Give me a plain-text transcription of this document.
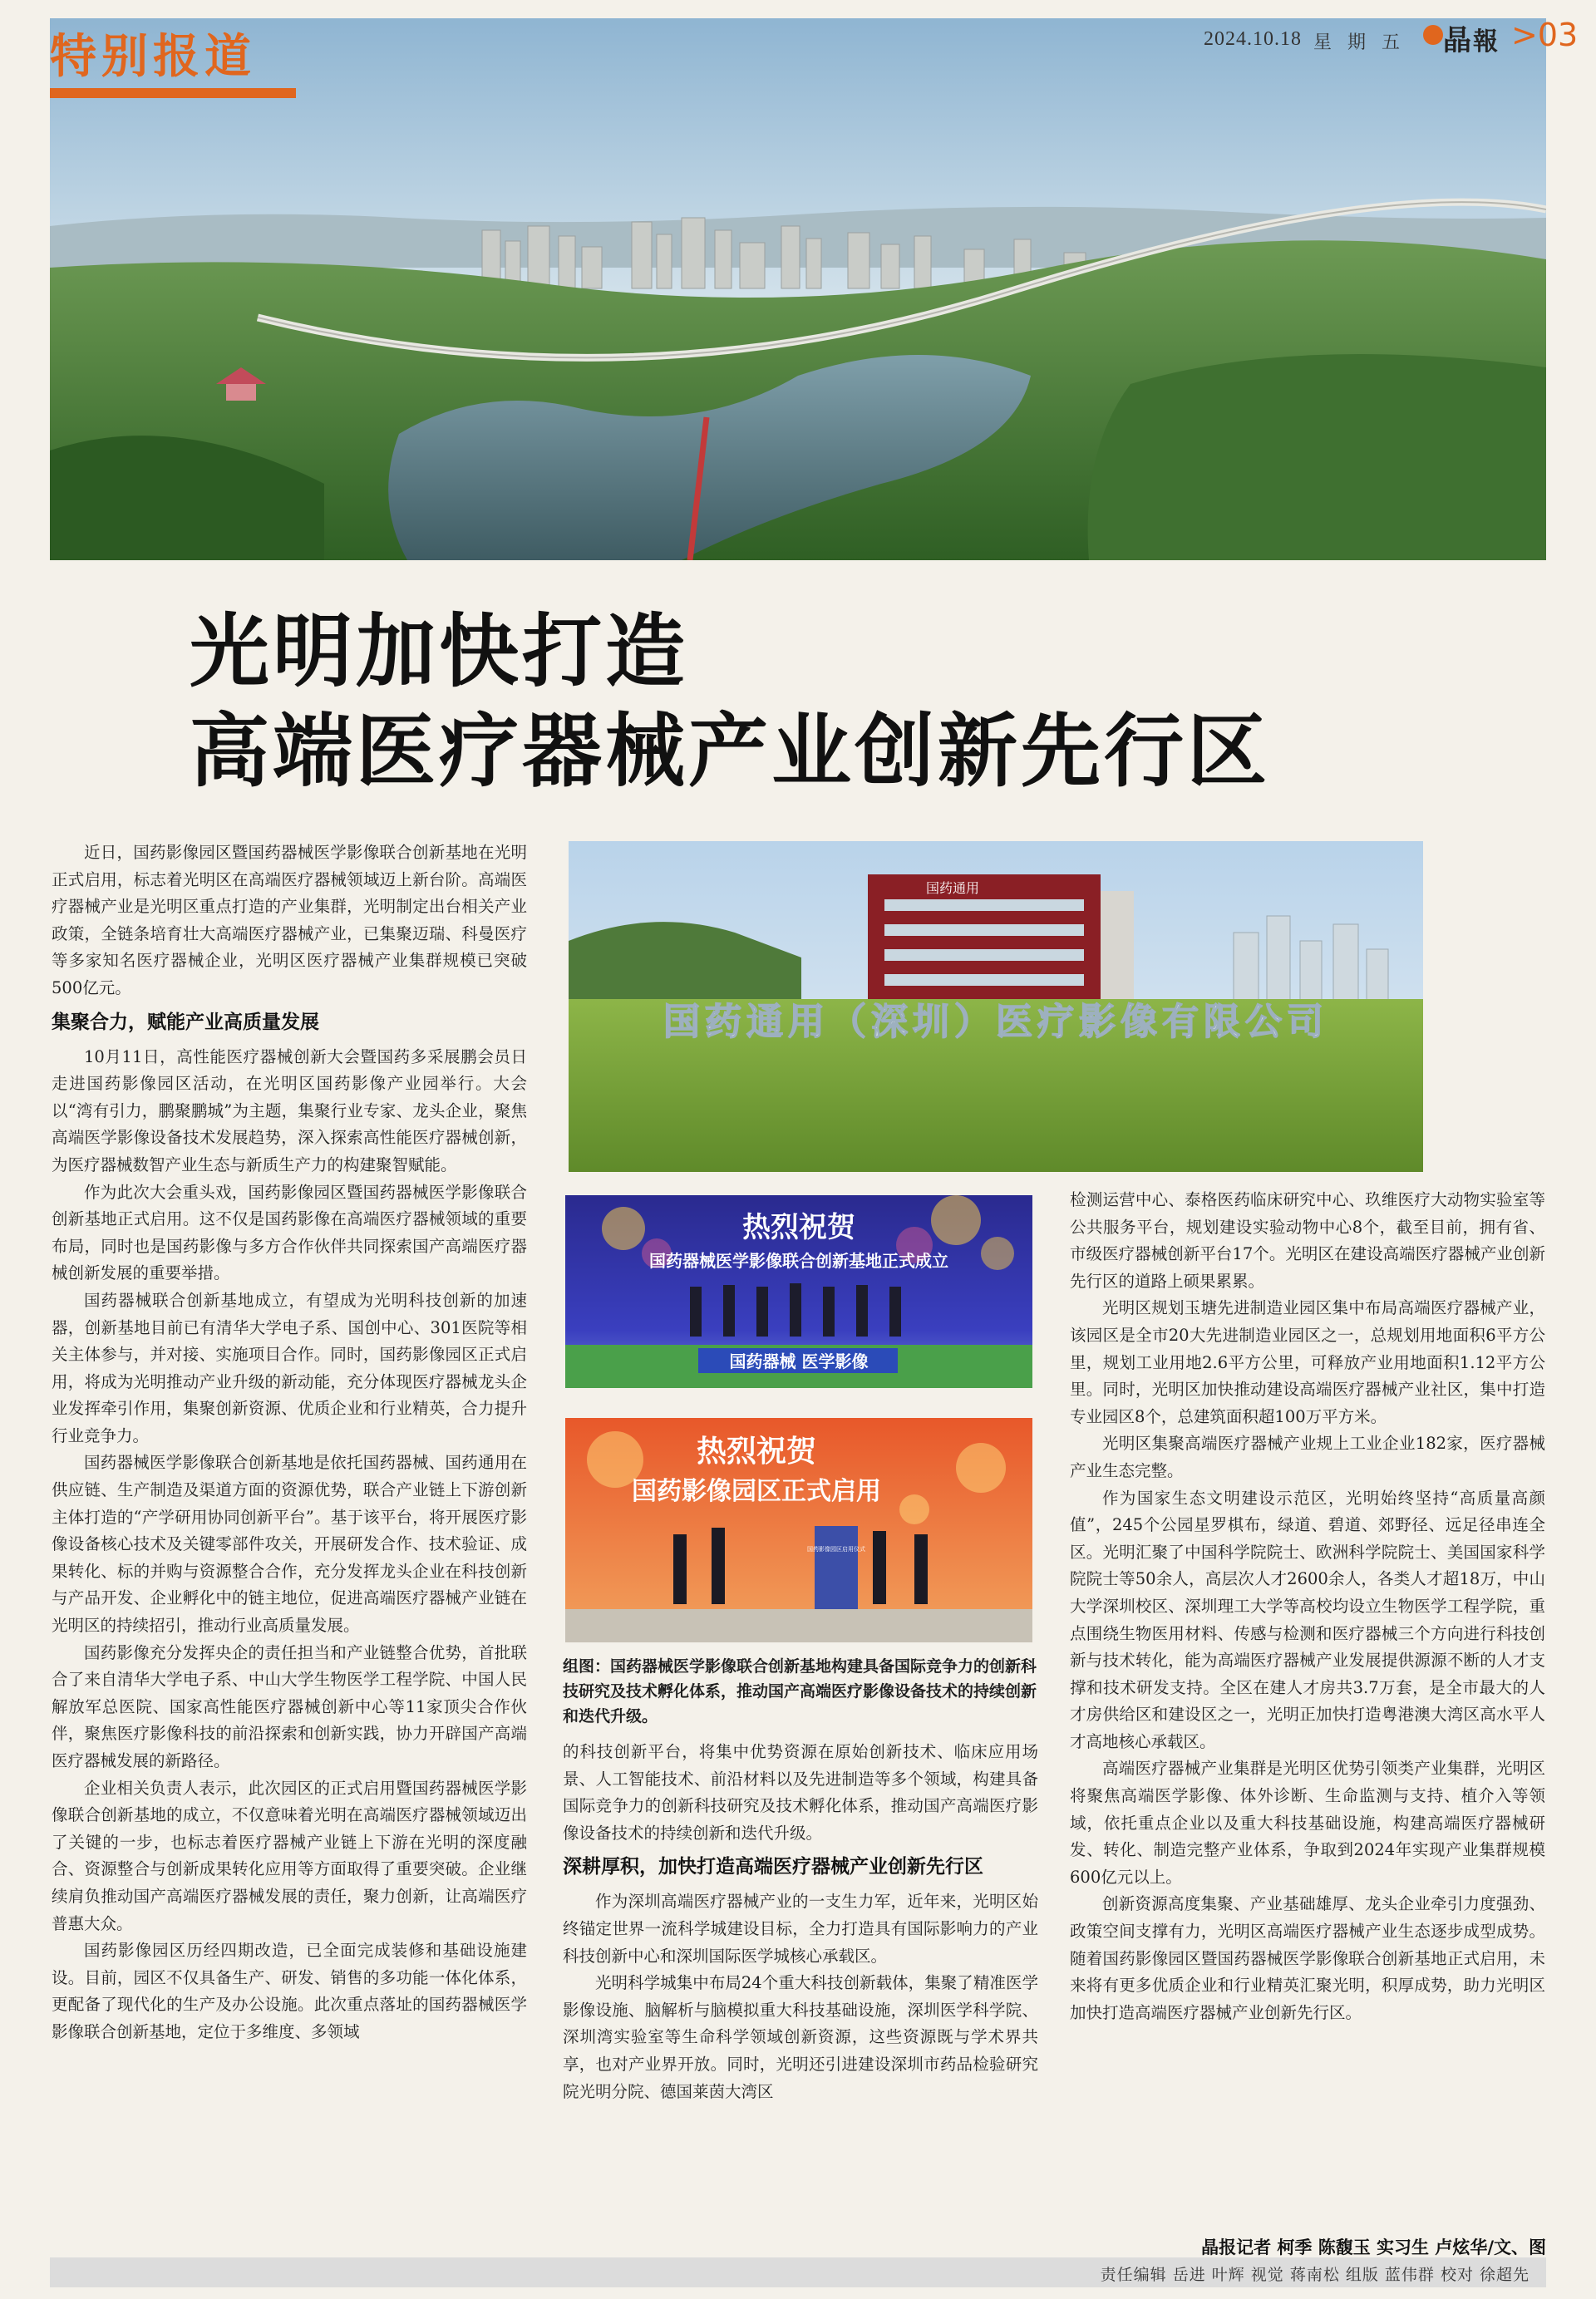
特别报道	2024.10.18 星 期 五 晶 報 >03
光明加快打造
高端医疗器械产业创新先行区
国药通用
国药通用（深圳）医疗影像有限公司
热烈祝贺
国药器械医学影像联合创新基地正式成立
国药器械 医学影像
热烈祝贺
国药影像园区正式启用
国药影像园区启用仪式
组图：国药器械医学影像联合创新基地构建具备国际竞争力的创新科技研究及技术孵化体系，推动国产高端医疗影像设备技术的持续创新和迭代升级。

近日，国药影像园区暨国药器械医学影像联合创新基地在光明正式启用，标志着光明区在高端医疗器械领域迈上新台阶。高端医疗器械产业是光明区重点打造的产业集群，光明制定出台相关产业政策，全链条培育壮大高端医疗器械产业，已集聚迈瑞、科曼医疗等多家知名医疗器械企业，光明区医疗器械产业集群规模已突破500亿元。

集聚合力，赋能产业高质量发展

10月11日，高性能医疗器械创新大会暨国药多采展鹏会员日走进国药影像园区活动，在光明区国药影像产业园举行。大会以“湾有引力，鹏聚鹏城”为主题，集聚行业专家、龙头企业，聚焦高端医学影像设备技术发展趋势，深入探索高性能医疗器械创新，为医疗器械数智产业生态与新质生产力的构建聚智赋能。

作为此次大会重头戏，国药影像园区暨国药器械医学影像联合创新基地正式启用。这不仅是国药影像在高端医疗器械领域的重要布局，同时也是国药影像与多方合作伙伴共同探索国产高端医疗器械创新发展的重要举措。

国药器械联合创新基地成立，有望成为光明科技创新的加速器，创新基地目前已有清华大学电子系、国创中心、301医院等相关主体参与，并对接、实施项目合作。同时，国药影像园区正式启用，将成为光明推动产业升级的新动能，充分体现医疗器械龙头企业发挥牵引作用，集聚创新资源、优质企业和行业精英，合力提升行业竞争力。

国药器械医学影像联合创新基地是依托国药器械、国药通用在供应链、生产制造及渠道方面的资源优势，联合产业链上下游创新主体打造的“产学研用协同创新平台”。基于该平台，将开展医疗影像设备核心技术及关键零部件攻关，开展研发合作、技术验证、成果转化、标的并购与资源整合合作，充分发挥龙头企业在科技创新与产品开发、企业孵化中的链主地位，促进高端医疗器械产业链在光明区的持续招引，推动行业高质量发展。

国药影像充分发挥央企的责任担当和产业链整合优势，首批联合了来自清华大学电子系、中山大学生物医学工程学院、中国人民解放军总医院、国家高性能医疗器械创新中心等11家顶尖合作伙伴，聚焦医疗影像科技的前沿探索和创新实践，协力开辟国产高端医疗器械发展的新路径。

企业相关负责人表示，此次园区的正式启用暨国药器械医学影像联合创新基地的成立，不仅意味着光明在高端医疗器械领域迈出了关键的一步，也标志着医疗器械产业链上下游在光明的深度融合、资源整合与创新成果转化应用等方面取得了重要突破。企业继续肩负推动国产高端医疗器械发展的责任，聚力创新，让高端医疗普惠大众。

国药影像园区历经四期改造，已全面完成装修和基础设施建设。目前，园区不仅具备生产、研发、销售的多功能一体化体系，更配备了现代化的生产及办公设施。此次重点落址的国药器械医学影像联合创新基地，定位于多维度、多领域

的科技创新平台，将集中优势资源在原始创新技术、临床应用场景、人工智能技术、前沿材料以及先进制造等多个领域，构建具备国际竞争力的创新科技研究及技术孵化体系，推动国产高端医疗影像设备技术的持续创新和迭代升级。

深耕厚积，加快打造高端医疗器械产业创新先行区

作为深圳高端医疗器械产业的一支生力军，近年来，光明区始终锚定世界一流科学城建设目标，全力打造具有国际影响力的产业科技创新中心和深圳国际医学城核心承载区。

光明科学城集中布局24个重大科技创新载体，集聚了精准医学影像设施、脑解析与脑模拟重大科技基础设施，深圳医学科学院、深圳湾实验室等生命科学领域创新资源，这些资源既与学术界共享，也对产业界开放。同时，光明还引进建设深圳市药品检验研究院光明分院、德国莱茵大湾区

检测运营中心、泰格医药临床研究中心、玖维医疗大动物实验室等公共服务平台，规划建设实验动物中心8个，截至目前，拥有省、市级医疗器械创新平台17个。光明区在建设高端医疗器械产业创新先行区的道路上硕果累累。

光明区规划玉塘先进制造业园区集中布局高端医疗器械产业，该园区是全市20大先进制造业园区之一，总规划用地面积6平方公里，规划工业用地2.6平方公里，可释放产业用地面积1.12平方公里。同时，光明区加快推动建设高端医疗器械产业社区，集中打造专业园区8个，总建筑面积超100万平方米。

光明区集聚高端医疗器械产业规上工业企业182家，医疗器械产业生态完整。

作为国家生态文明建设示范区，光明始终坚持“高质量高颜值”，245个公园星罗棋布，绿道、碧道、郊野径、远足径串连全区。光明汇聚了中国科学院院士、欧洲科学院院士、美国国家科学院院士等50余人，高层次人才2600余人，各类人才超18万，中山大学深圳校区、深圳理工大学等高校均设立生物医学工程学院，重点围绕生物医用材料、传感与检测和医疗器械三个方向进行科技创新与技术转化，能为高端医疗器械产业发展提供源源不断的人才支撑和技术研发支持。全区在建人才房共3.7万套，是全市最大的人才房供给区和建设区之一，光明正加快打造粤港澳大湾区高水平人才高地核心承载区。

高端医疗器械产业集群是光明区优势引领类产业集群，光明区将聚焦高端医学影像、体外诊断、生命监测与支持、植介入等领域，依托重点企业以及重大科技基础设施，构建高端医疗器械研发、转化、制造完整产业体系，争取到2024年实现产业集群规模600亿元以上。

创新资源高度集聚、产业基础雄厚、龙头企业牵引力度强劲、政策空间支撑有力，光明区高端医疗器械产业生态逐步成型成势。随着国药影像园区暨国药器械医学影像联合创新基地正式启用，未来将有更多优质企业和行业精英汇聚光明，积厚成势，助力光明区加快打造高端医疗器械产业创新先行区。

晶报记者 柯季 陈馥玉 实习生 卢炫华/文、图
责任编辑 岳进 叶辉 视觉 蒋南松 组版 蓝伟群 校对 徐超先
